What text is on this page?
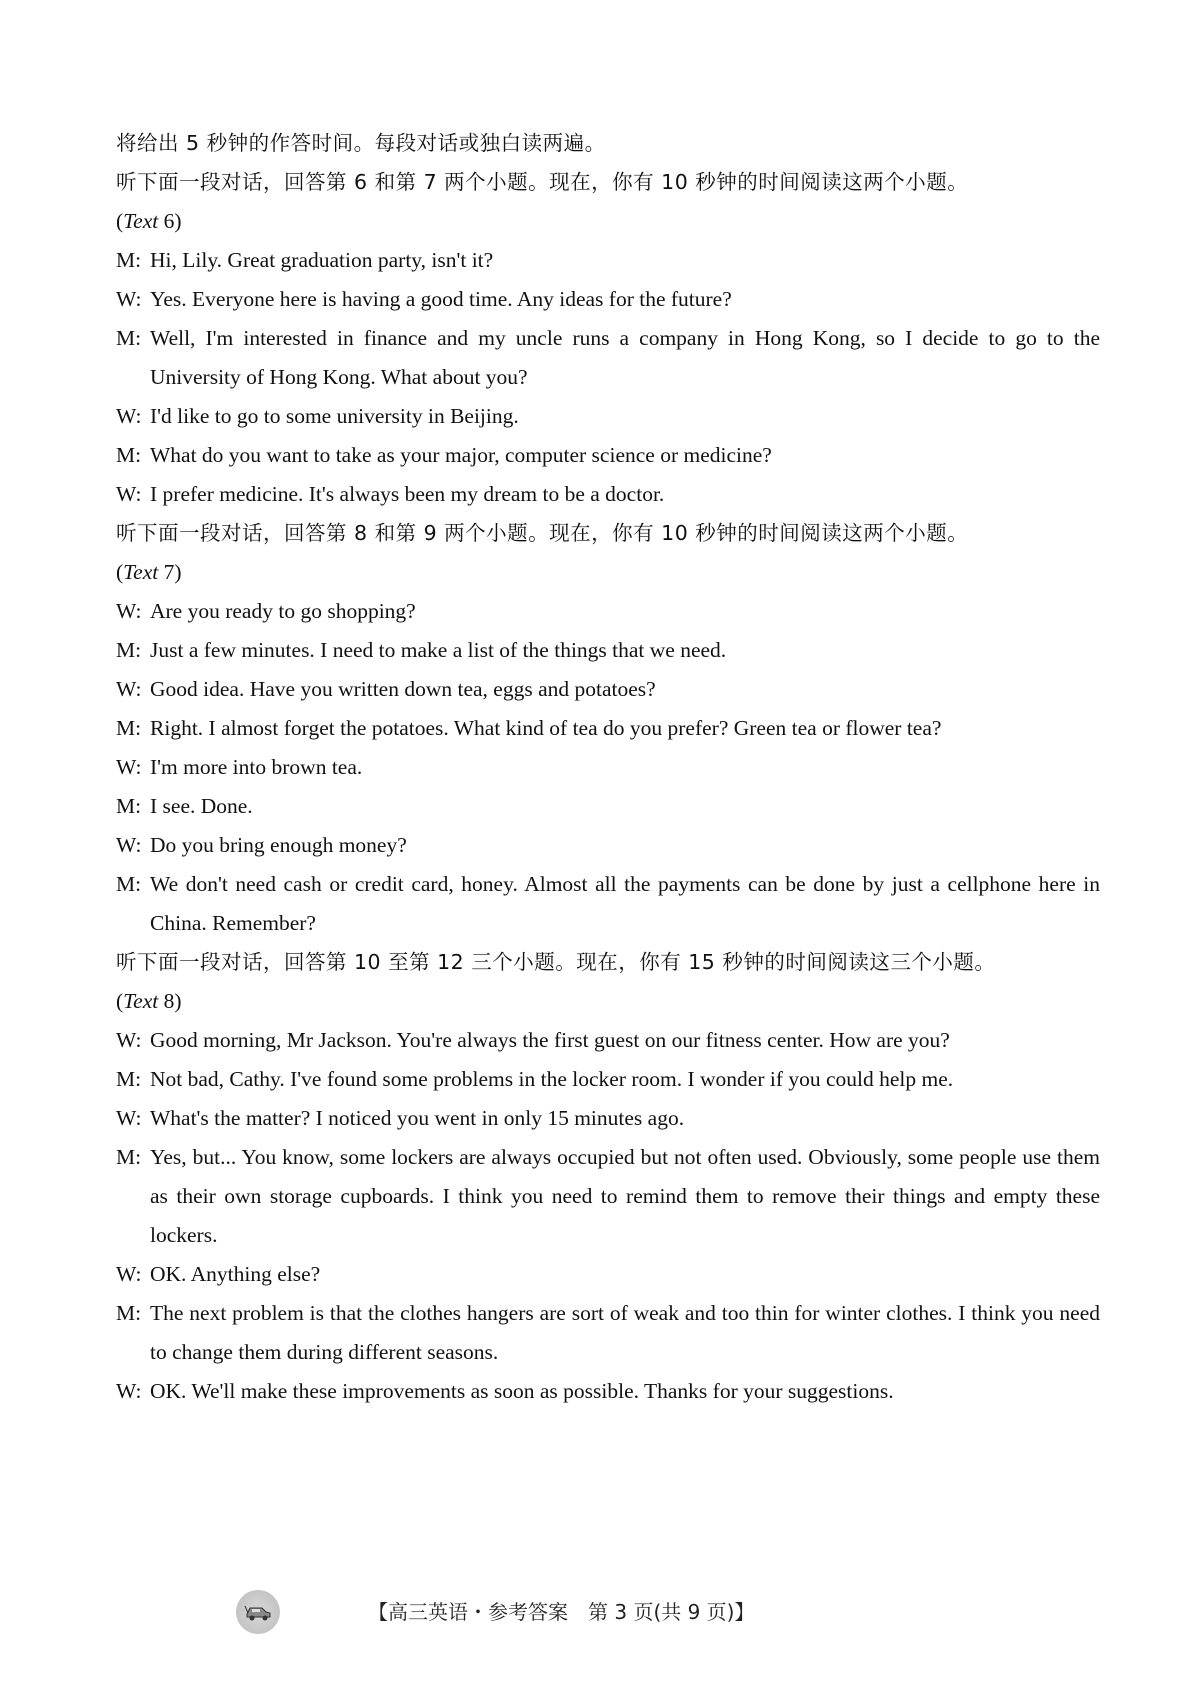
将给出 5 秒钟的作答时间。每段对话或独白读两遍。

听下面一段对话，回答第 6 和第 7 两个小题。现在，你有 10 秒钟的时间阅读这两个小题。

(Text 6)

M: Hi, Lily. Great graduation party, isn't it?

W: Yes. Everyone here is having a good time. Any ideas for the future?

M: Well, I'm interested in finance and my uncle runs a company in Hong Kong, so I decide to go to the University of Hong Kong. What about you?

W: I'd like to go to some university in Beijing.

M: What do you want to take as your major, computer science or medicine?

W: I prefer medicine. It's always been my dream to be a doctor.

听下面一段对话，回答第 8 和第 9 两个小题。现在，你有 10 秒钟的时间阅读这两个小题。

(Text 7)

W: Are you ready to go shopping?

M: Just a few minutes. I need to make a list of the things that we need.

W: Good idea. Have you written down tea, eggs and potatoes?

M: Right. I almost forget the potatoes. What kind of tea do you prefer? Green tea or flower tea?

W: I'm more into brown tea.

M: I see. Done.

W: Do you bring enough money?

M: We don't need cash or credit card, honey. Almost all the payments can be done by just a cellphone here in China. Remember?

听下面一段对话，回答第 10 至第 12 三个小题。现在，你有 15 秒钟的时间阅读这三个小题。

(Text 8)

W: Good morning, Mr Jackson. You're always the first guest on our fitness center. How are you?

M: Not bad, Cathy. I've found some problems in the locker room. I wonder if you could help me.

W: What's the matter? I noticed you went in only 15 minutes ago.

M: Yes, but... You know, some lockers are always occupied but not often used. Obviously, some people use them as their own storage cupboards. I think you need to remind them to remove their things and empty these lockers.

W: OK. Anything else?

M: The next problem is that the clothes hangers are sort of weak and too thin for winter clothes. I think you need to change them during different seasons.

W: OK. We'll make these improvements as soon as possible. Thanks for your suggestions.

【高三英语・参考答案　第 3 页(共 9 页)】
